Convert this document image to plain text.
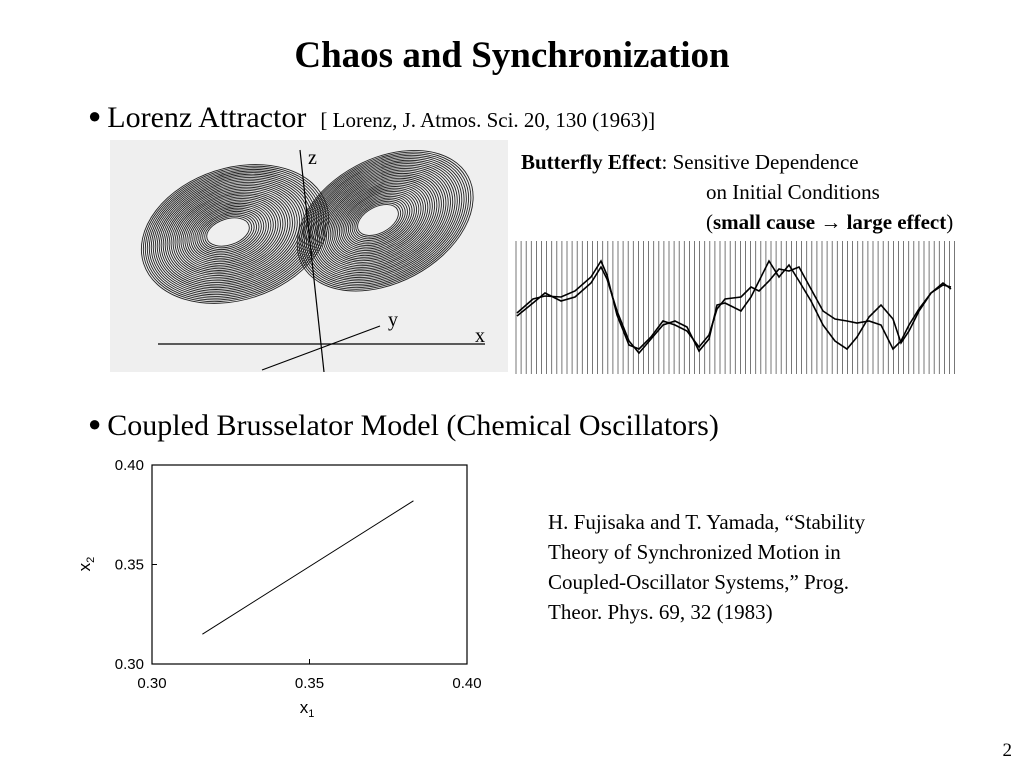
Chaos and Synchronization
● Lorenz Attractor [ Lorenz, J. Atmos. Sci. 20, 130 (1963)]
z
y
x
Butterfly Effect: Sensitive Dependence
on Initial Conditions
(small cause → large effect)
● Coupled Brusselator Model (Chemical Oscillators)
0.30	0.35	0.40
0.40
0.35
0.30
$x_1$
$x_2$
H. Fujisaka and T. Yamada, “Stability
Theory of Synchronized Motion in
Coupled-Oscillator Systems,” Prog.
Theor. Phys. 69, 32 (1983)
2
